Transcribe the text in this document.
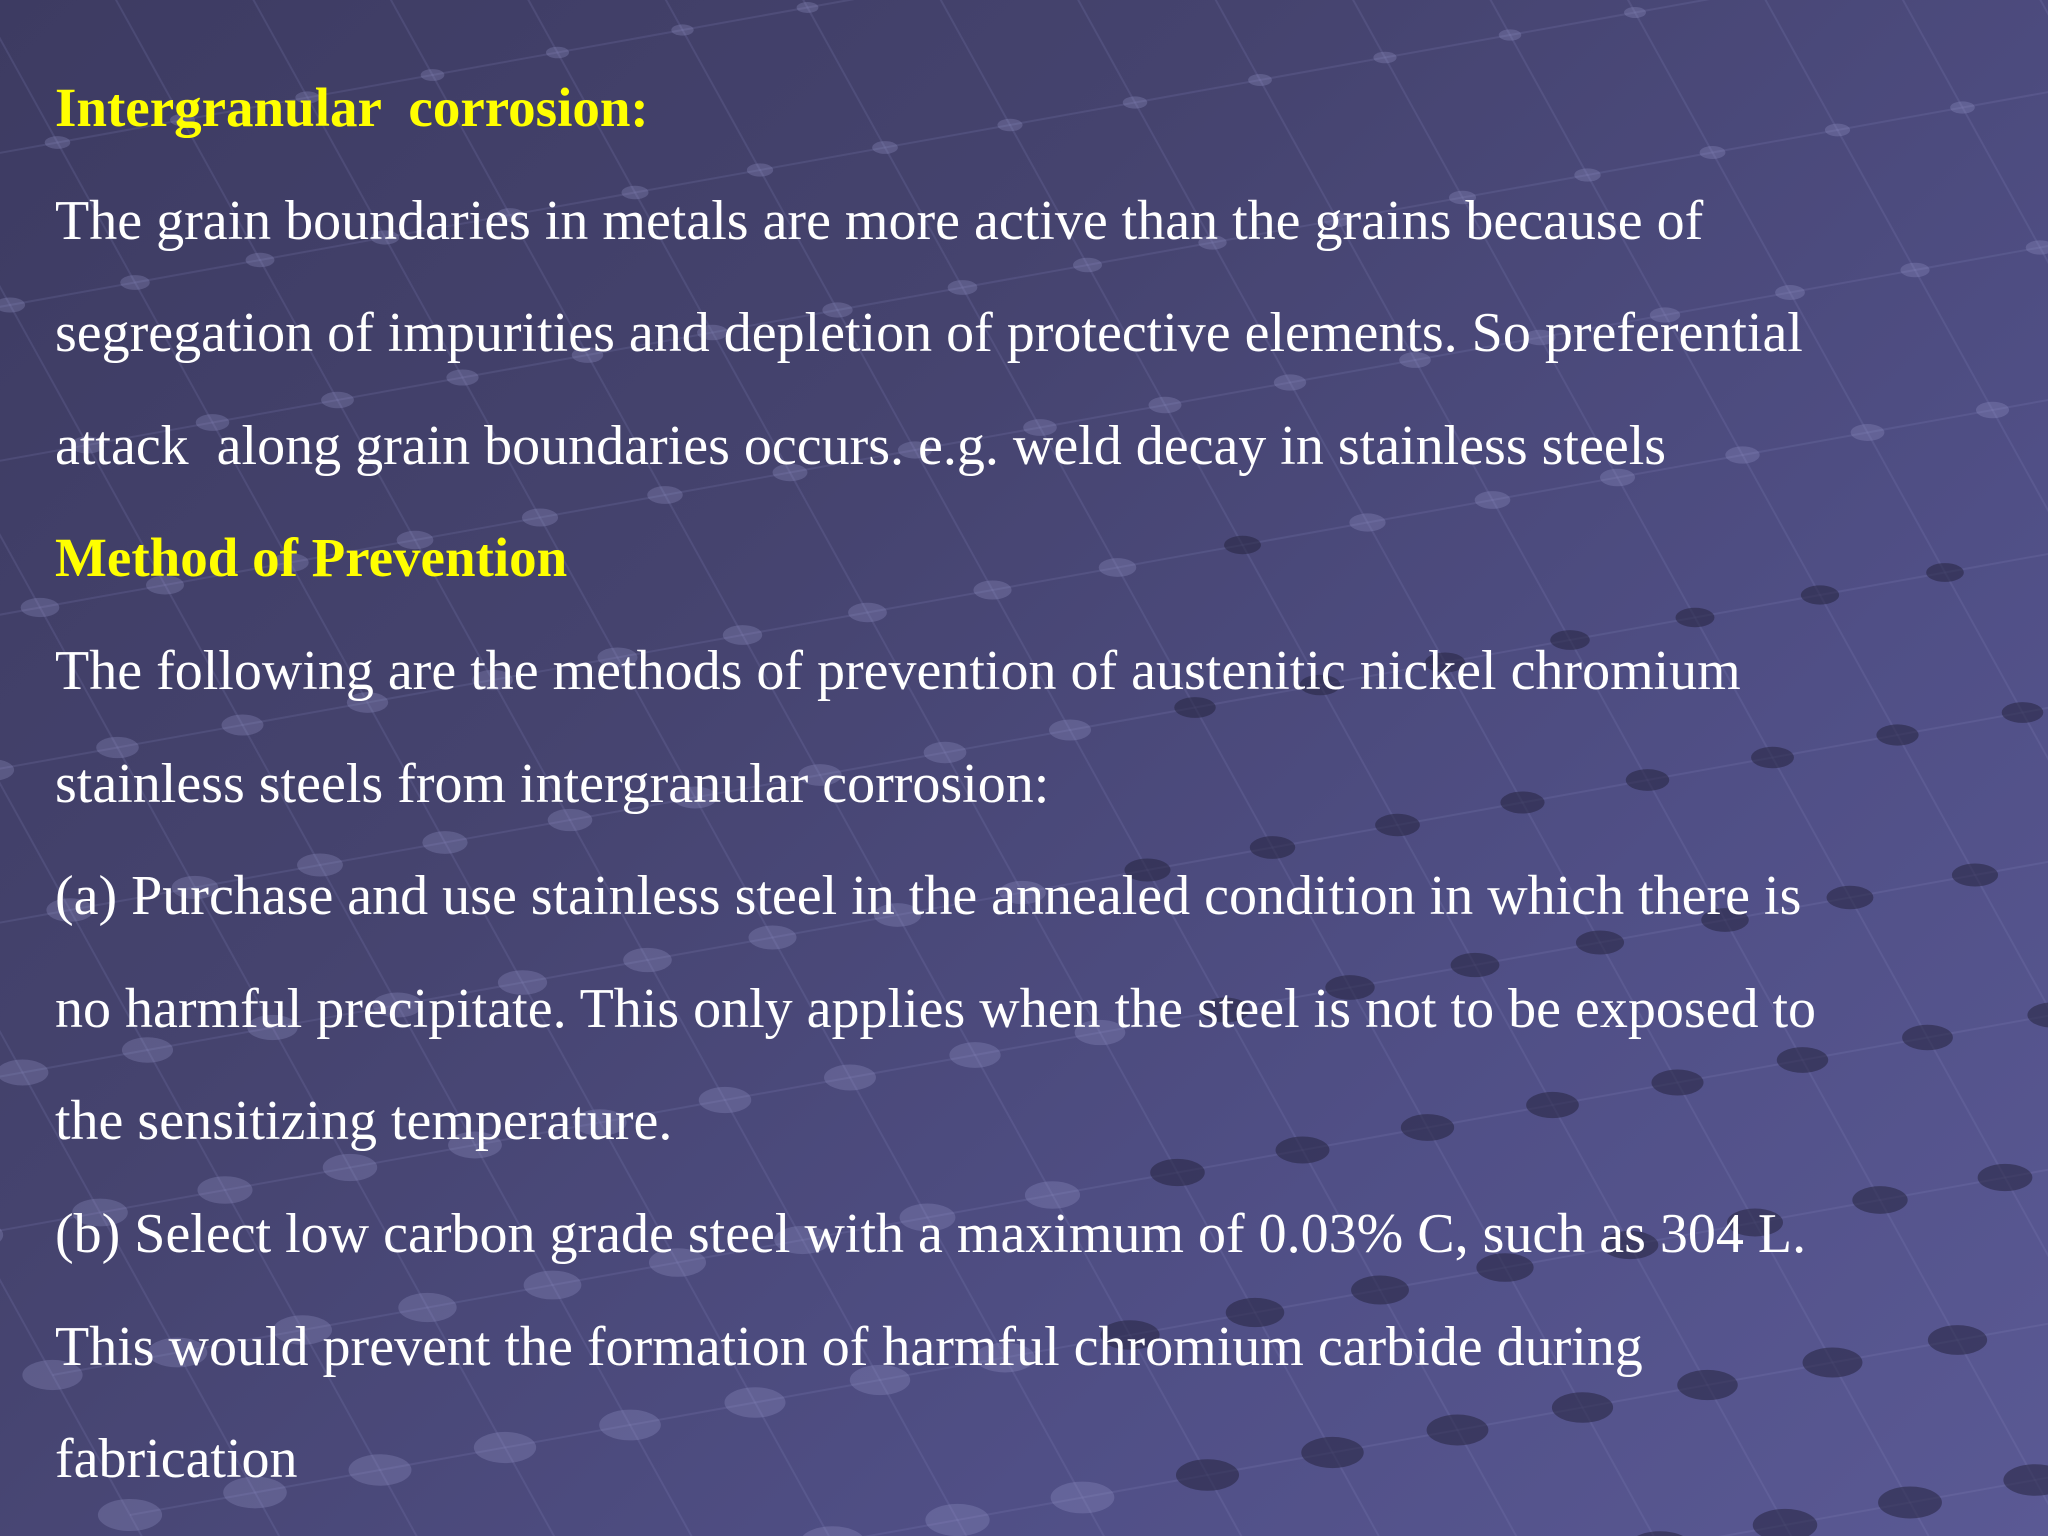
Intergranular  corrosion:
The grain boundaries in metals are more active than the grains because of
segregation of impurities and depletion of protective elements. So preferential
attack  along grain boundaries occurs. e.g. weld decay in stainless steels
Method of Prevention
The following are the methods of prevention of austenitic nickel chromium
stainless steels from intergranular corrosion:
(a) Purchase and use stainless steel in the annealed condition in which there is
no harmful precipitate. This only applies when the steel is not to be exposed to
the sensitizing temperature.
(b) Select low carbon grade steel with a maximum of 0.03% C, such as 304 L.
This would prevent the formation of harmful chromium carbide during
fabrication
